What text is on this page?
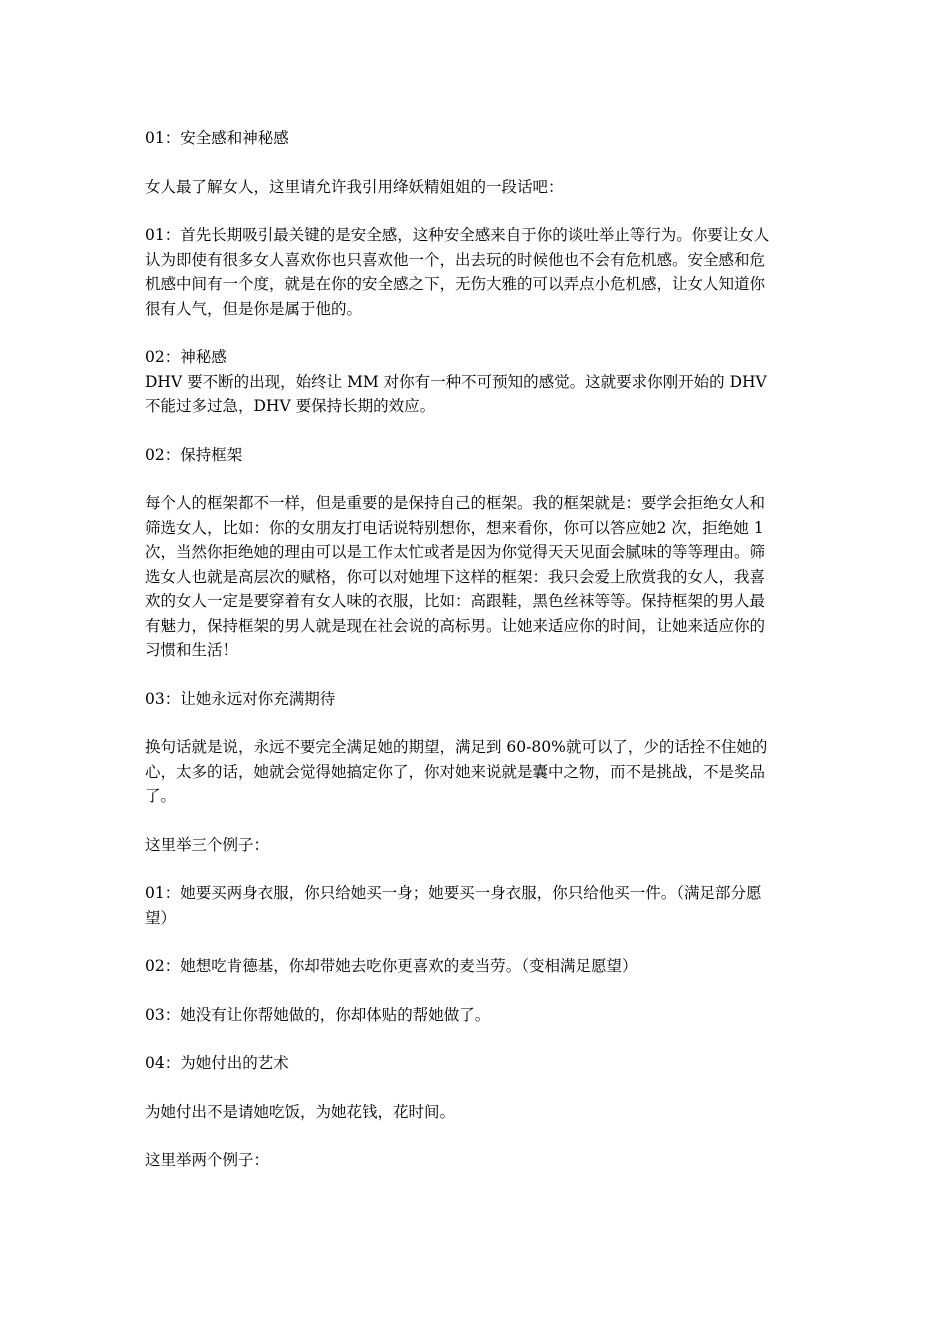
01：安全感和神秘感
女人最了解女人，这里请允许我引用绛妖精姐姐的一段话吧：
01：首先长期吸引最关键的是安全感，这种安全感来自于你的谈吐举止等行为。你要让女人
认为即使有很多女人喜欢你也只喜欢他一个，出去玩的时候他也不会有危机感。安全感和危
机感中间有一个度，就是在你的安全感之下，无伤大雅的可以弄点小危机感，让女人知道你
很有人气，但是你是属于他的。
02：神秘感
DHV 要不断的出现，始终让 MM 对你有一种不可预知的感觉。这就要求你刚开始的 DHV
不能过多过急，DHV 要保持长期的效应。
02：保持框架
每个人的框架都不一样，但是重要的是保持自己的框架。我的框架就是：要学会拒绝女人和
筛选女人，比如：你的女朋友打电话说特别想你，想来看你，你可以答应她2 次，拒绝她 1
次，当然你拒绝她的理由可以是工作太忙或者是因为你觉得天天见面会腻味的等等理由。筛
选女人也就是高层次的赋格，你可以对她埋下这样的框架：我只会爱上欣赏我的女人，我喜
欢的女人一定是要穿着有女人味的衣服，比如：高跟鞋，黑色丝袜等等。保持框架的男人最
有魅力，保持框架的男人就是现在社会说的高标男。让她来适应你的时间，让她来适应你的
习惯和生活！
03：让她永远对你充满期待
换句话就是说，永远不要完全满足她的期望，满足到 60-80%就可以了，少的话拴不住她的
心，太多的话，她就会觉得她搞定你了，你对她来说就是囊中之物，而不是挑战，不是奖品
了。
这里举三个例子：
01：她要买两身衣服，你只给她买一身；她要买一身衣服，你只给他买一件。（满足部分愿
望）
02：她想吃肯德基，你却带她去吃你更喜欢的麦当劳。（变相满足愿望）
03：她没有让你帮她做的，你却体贴的帮她做了。
04：为她付出的艺术
为她付出不是请她吃饭，为她花钱，花时间。
这里举两个例子：
